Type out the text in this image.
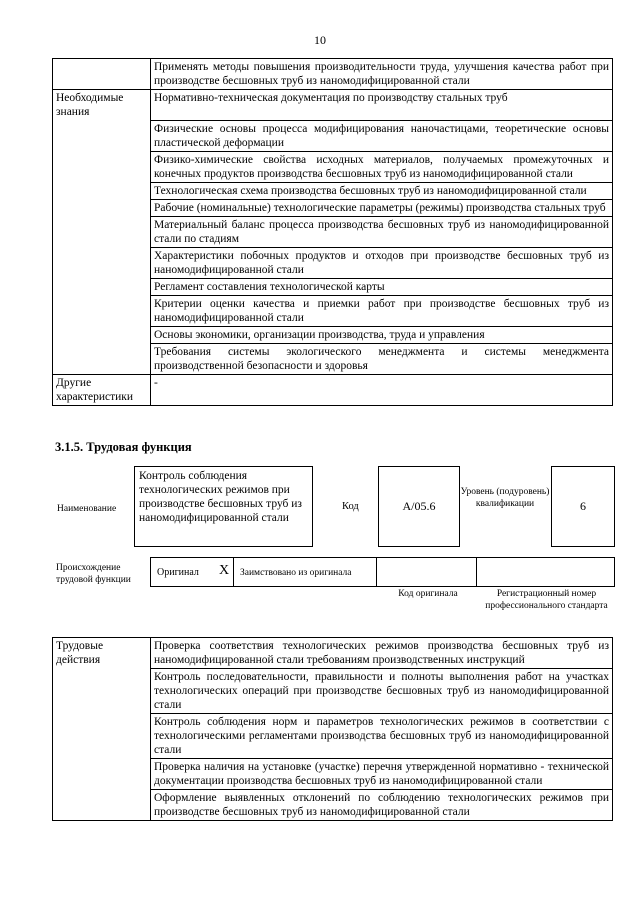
10
	Применять методы повышения производительности труда, улучшения качества работ при производстве бесшовных труб из наномодифицированной стали
Необходимые знания	Нормативно-техническая документация по производству стальных труб
	Физические основы процесса модифицирования наночастицами, теоретические основы пластической деформации
	Физико-химические свойства исходных материалов, получаемых промежуточных и конечных продуктов производства бесшовных труб из наномодифицированной стали
	Технологическая схема производства бесшовных труб из наномодифицированной стали
	Рабочие (номинальные) технологические параметры (режимы) производства стальных труб
	Материальный баланс процесса производства бесшовных труб из наномодифицированной стали по стадиям
	Характеристики побочных продуктов и отходов при производстве бесшовных труб из наномодифицированной стали
	Регламент составления технологической карты
	Критерии оценки качества и приемки работ при производстве бесшовных труб из наномодифицированной стали
	Основы экономики, организации производства, труда и управления
	Требования системы экологического менеджмента и системы менеджмента производственной безопасности и здоровья
Другие характеристики	-
3.1.5. Трудовая функция
Наименование
Контроль соблюдения технологических режимов при производстве бесшовных труб из наномодифицированной стали
Код	A/05.6
Уровень (подуровень) квалификации	6
Происхождение трудовой функции
Оригинал X Заимствовано из оригинала
Код оригинала	Регистрационный номер профессионального стандарта
Трудовые действия	Проверка соответствия технологических режимов производства бесшовных труб из наномодифицированной стали требованиям производственных инструкций
	Контроль последовательности, правильности и полноты выполнения работ на участках технологических операций при производстве бесшовных труб из наномодифицированной стали
	Контроль соблюдения норм и параметров технологических режимов в соответствии с технологическими регламентами производства бесшовных труб из наномодифицированной стали
	Проверка наличия на установке (участке) перечня утвержденной нормативно - технической документации производства бесшовных труб из наномодифицированной стали
	Оформление выявленных отклонений по соблюдению технологических режимов при производстве бесшовных труб из наномодифицированной стали
